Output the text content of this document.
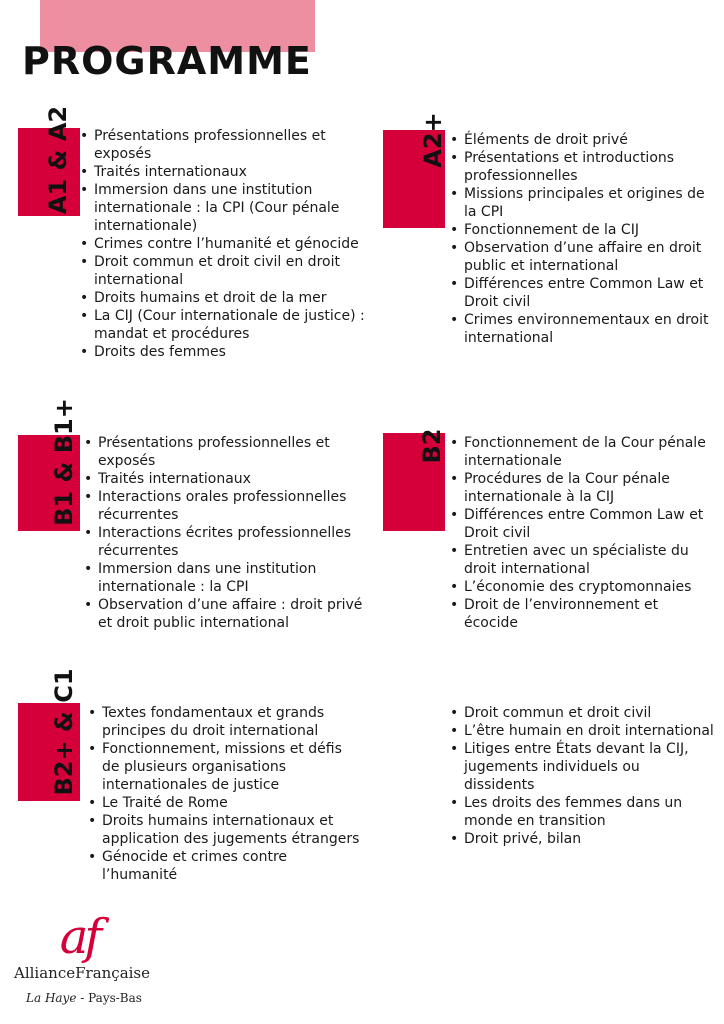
PROGRAMME
A1 & A2	• Présentations professionnelles et exposés
• Traités internationaux
• Immersion dans une institution internationale : la CPI (Cour pénale internationale)
• Crimes contre l’humanité et génocide
• Droit commun et droit civil en droit international
• Droits humains et droit de la mer
• La CIJ (Cour internationale de justice) : mandat et procédures
• Droits des femmes
A2+	• Éléments de droit privé
• Présentations et introductions professionnelles
• Missions principales et origines de la CPI
• Fonctionnement de la CIJ
• Observation d’une affaire en droit public et international
• Différences entre Common Law et Droit civil
• Crimes environnementaux en droit international
B1 & B1+	• Présentations professionnelles et exposés
• Traités internationaux
• Interactions orales professionnelles récurrentes
• Interactions écrites professionnelles récurrentes
• Immersion dans une institution internationale : la CPI
• Observation d’une affaire : droit privé et droit public international
B2	• Fonctionnement de la Cour pénale internationale
• Procédures de la Cour pénale internationale à la CIJ
• Différences entre Common Law et Droit civil
• Entretien avec un spécialiste du droit international
• L’économie des cryptomonnaies
• Droit de l’environnement et écocide
B2+ & C1	• Textes fondamentaux et grands principes du droit international
• Fonctionnement, missions et défis de plusieurs organisations internationales de justice
• Le Traité de Rome
• Droits humains internationaux et application des jugements étrangers
• Génocide et crimes contre l’humanité
• Droit commun et droit civil
• L’être humain en droit international
• Litiges entre États devant la CIJ, jugements individuels ou dissidents
• Les droits des femmes dans un monde en transition
• Droit privé, bilan
af
AllianceFrançaise
La Haye - Pays-Bas
